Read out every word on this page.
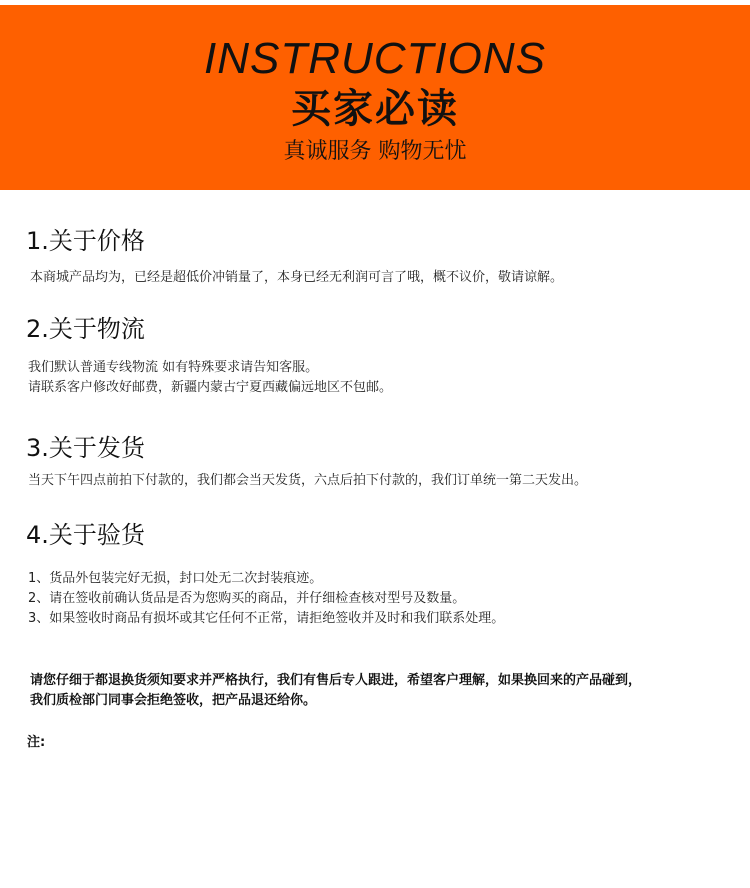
INSTRUCTIONS
买家必读
真诚服务 购物无忧
1.关于价格

本商城产品均为，已经是超低价冲销量了，本身已经无利润可言了哦，概不议价，敬请谅解。

2.关于物流

我们默认普通专线物流 如有特殊要求请告知客服。

请联系客户修改好邮费，新疆内蒙古宁夏西藏偏远地区不包邮。

3.关于发货

当天下午四点前拍下付款的，我们都会当天发货，六点后拍下付款的，我们订单统一第二天发出。

4.关于验货

1、货品外包装完好无损，封口处无二次封装痕迹。

2、请在签收前确认货品是否为您购买的商品，并仔细检查核对型号及数量。

3、如果签收时商品有损坏或其它任何不正常，请拒绝签收并及时和我们联系处理。

请您仔细于都退换货须知要求并严格执行，我们有售后专人跟进，希望客户理解，如果换回来的产品碰到，

我们质检部门同事会拒绝签收，把产品退还给你。

注:
